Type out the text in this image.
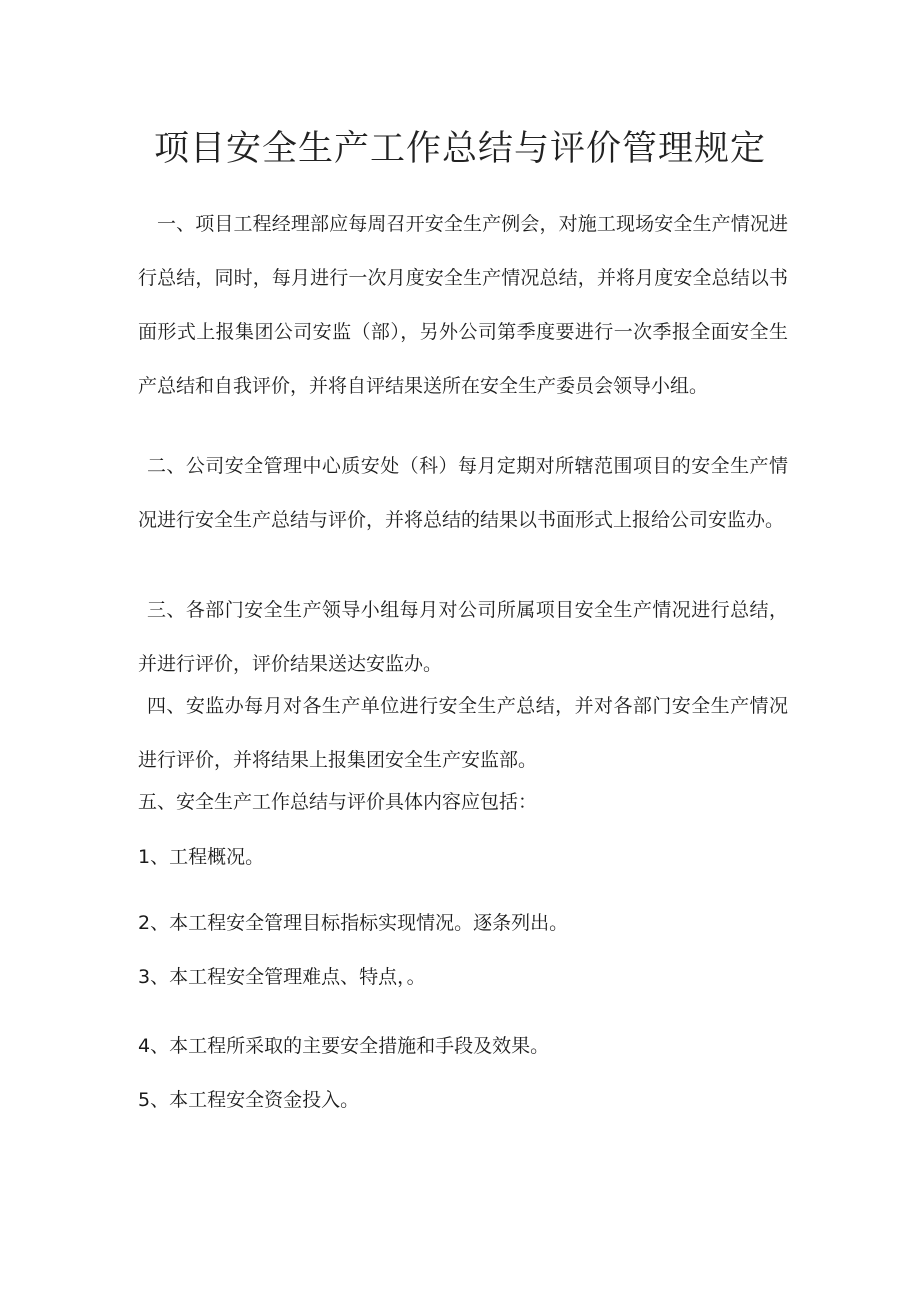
项目安全生产工作总结与评价管理规定

一、项目工程经理部应每周召开安全生产例会，对施工现场安全生产情况进行总结，同时，每月进行一次月度安全生产情况总结，并将月度安全总结以书面形式上报集团公司安监（部），另外公司第季度要进行一次季报全面安全生产总结和自我评价，并将自评结果送所在安全生产委员会领导小组。

二、公司安全管理中心质安处（科）每月定期对所辖范围项目的安全生产情况进行安全生产总结与评价，并将总结的结果以书面形式上报给公司安监办。

三、各部门安全生产领导小组每月对公司所属项目安全生产情况进行总结，并进行评价，评价结果送达安监办。

四、安监办每月对各生产单位进行安全生产总结，并对各部门安全生产情况进行评价，并将结果上报集团安全生产安监部。

五、安全生产工作总结与评价具体内容应包括：

1、工程概况。

2、本工程安全管理目标指标实现情况。逐条列出。

3、本工程安全管理难点、特点，。

4、本工程所采取的主要安全措施和手段及效果。

5、本工程安全资金投入。
